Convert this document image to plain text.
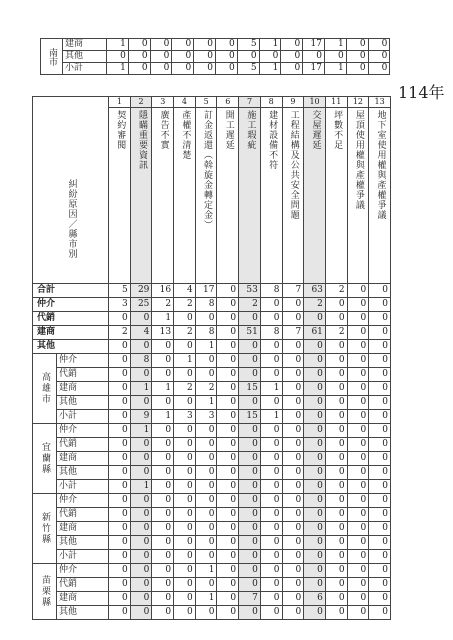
南市	建商	1	0	0	0	0	0	5	1	0	17	1	0	0
	其他	0	0	0	0	0	0	0	0	0	0	0	0	0
	小計	1	0	0	0	0	0	5	1	0	17	1	0	0
114年
糾紛原因／縣市別		1	2	3	4	5	6	7	8	9	10	11	12	13

		契約審閱	隱瞞重要資訊	廣告不實	產權不清楚	訂金返還（斡旋金轉定金）	開工遲延	施工瑕疵	建材設備不符	工程結構及公共安全問題	交屋遲延	坪數不足	屋頂使用權與產權爭議	地下室使用權與產權爭議

合計		5	29	16	4	17	0	53	8	7	63	2	0	0
仲介		3	25	2	2	8	0	2	0	0	2	0	0	0
代銷		0	0	1	0	0	0	0	0	0	0	0	0	0
建商		2	4	13	2	8	0	51	8	7	61	2	0	0
其他		0	0	0	0	1	0	0	0	0	0	0	0	0

高雄市	仲介	0	8	0	1	0	0	0	0	0	0	0	0	0
	代銷	0	0	0	0	0	0	0	0	0	0	0	0	0
	建商	0	1	1	2	2	0	15	1	0	0	0	0	0
	其他	0	0	0	0	1	0	0	0	0	0	0	0	0
	小計	0	9	1	3	3	0	15	1	0	0	0	0	0

宜蘭縣	仲介	0	1	0	0	0	0	0	0	0	0	0	0	0
	代銷	0	0	0	0	0	0	0	0	0	0	0	0	0
	建商	0	0	0	0	0	0	0	0	0	0	0	0	0
	其他	0	0	0	0	0	0	0	0	0	0	0	0	0
	小計	0	1	0	0	0	0	0	0	0	0	0	0	0

新竹縣	仲介	0	0	0	0	0	0	0	0	0	0	0	0	0
	代銷	0	0	0	0	0	0	0	0	0	0	0	0	0
	建商	0	0	0	0	0	0	0	0	0	0	0	0	0
	其他	0	0	0	0	0	0	0	0	0	0	0	0	0
	小計	0	0	0	0	0	0	0	0	0	0	0	0	0

苗栗縣	仲介	0	0	0	0	1	0	0	0	0	0	0	0	0
	代銷	0	0	0	0	0	0	0	0	0	0	0	0	0
	建商	0	0	0	0	1	0	7	0	0	6	0	0	0
	其他	0	0	0	0	0	0	0	0	0	0	0	0	0
